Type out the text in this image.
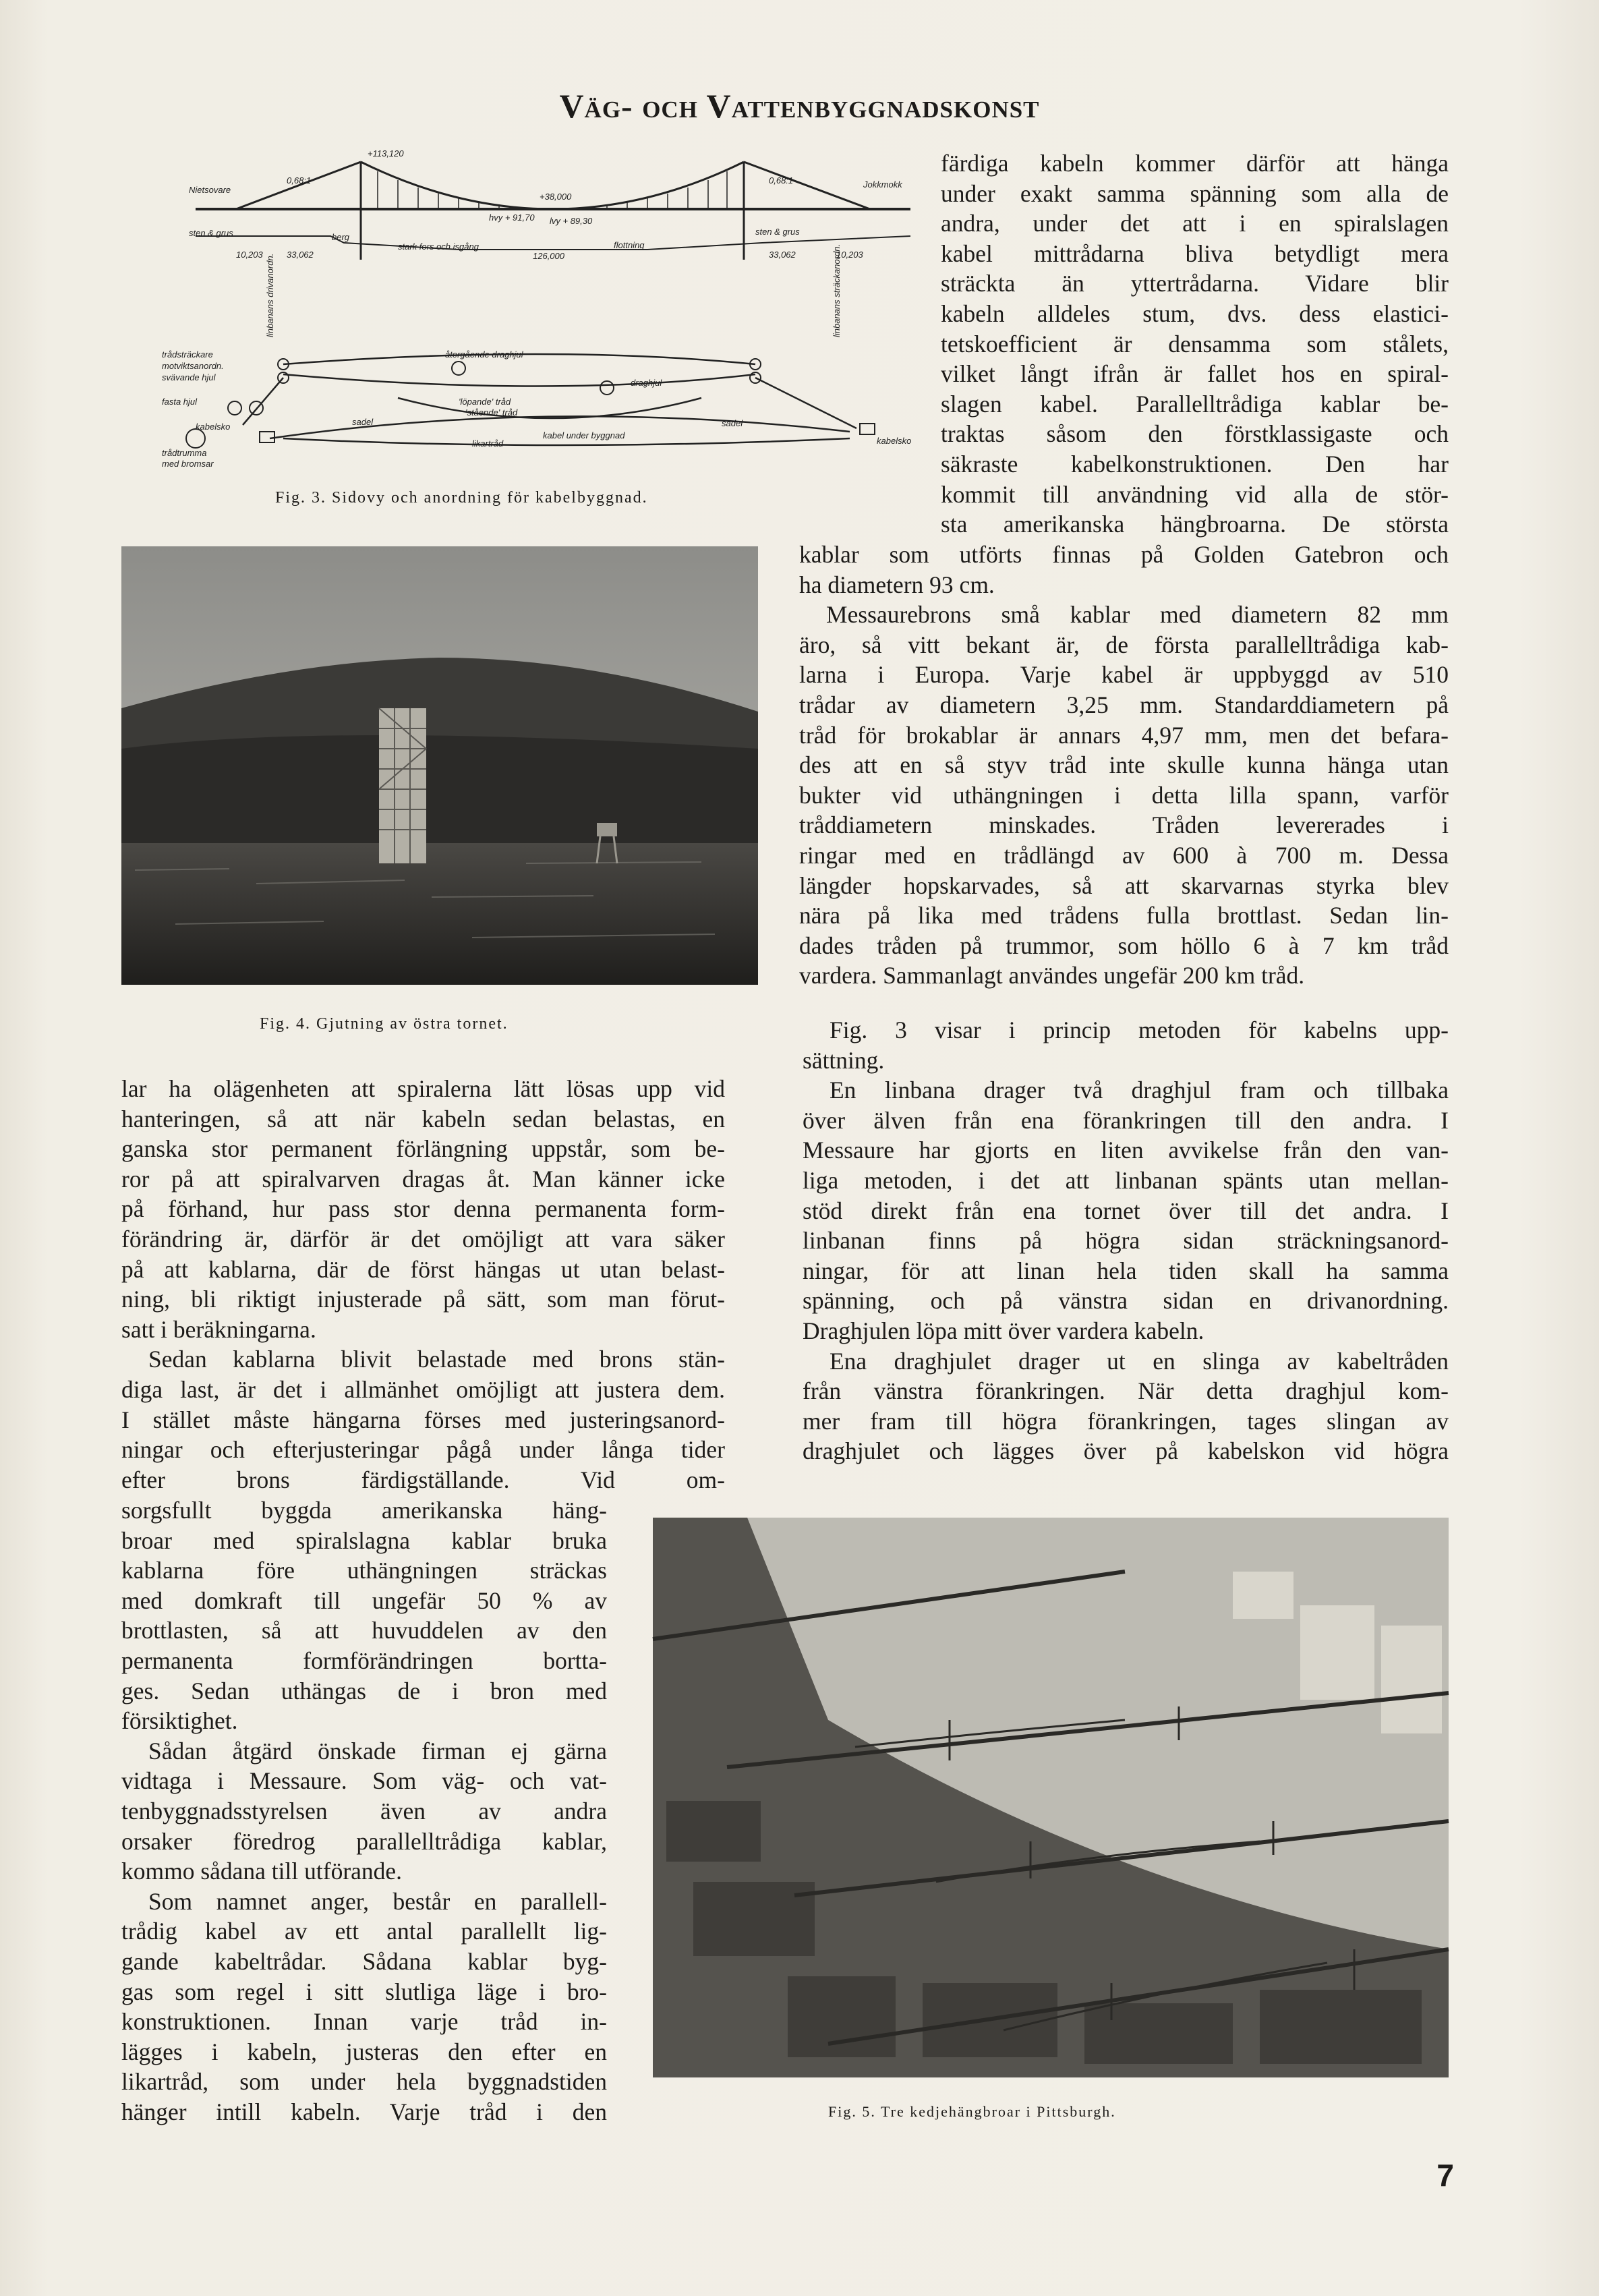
Väg- och Vattenbyggnadskonst
Nietsovare
Jokkmokk
+113,120
0,68:1	0,68:1
+38,000
hvy + 91,70 lvy + 89,30
sten & grus	sten & grus
berg
stark fors och isgång	flottning
126,000
33,062	33,062
10,203	10,203
trådsträckare
motviktsanordn.
svävande hjul
fasta hjul
kabelsko
trådtrumma
med bromsar
linbanans drivanordn.	linbanans sträckanordn.
återgående draghjul
draghjul
'löpande' tråd
'stående' tråd
sadel	sadel
kabel under byggnad
likartråd	kabelsko
Fig. 3. Sidovy och anordning för kabelbyggnad.
Fig. 4. Gjutning av östra tornet.
Fig. 5. Tre kedjehängbroar i Pittsburgh.
färdiga kabeln kommer därför att hänga
under exakt samma spänning som alla de
andra, under det att i en spiralslagen
kabel mittrådarna bliva betydligt mera
sträckta än yttertrådarna. Vidare blir
kabeln alldeles stum, dvs. dess elastici-
tetskoefficient är densamma som stålets,
vilket långt ifrån är fallet hos en spiral-
slagen kabel. Parallelltrådiga kablar be-
traktas såsom den förstklassigaste och
säkraste kabelkonstruktionen. Den har
kommit till användning vid alla de stör-
sta amerikanska hängbroarna. De största
kablar som utförts finnas på Golden Gatebron och
ha diametern 93 cm.
Messaurebrons små kablar med diametern 82 mm
äro, så vitt bekant är, de första parallelltrådiga kab-
larna i Europa. Varje kabel är uppbyggd av 510
trådar av diametern 3,25 mm. Standarddiametern på
tråd för brokablar är annars 4,97 mm, men det befara-
des att en så styv tråd inte skulle kunna hänga utan
bukter vid uthängningen i detta lilla spann, varför
tråddiametern minskades. Tråden levererades i
ringar med en trådlängd av 600 à 700 m. Dessa
längder hopskarvades, så att skarvarnas styrka blev
nära på lika med trådens fulla brottlast. Sedan lin-
dades tråden på trummor, som höllo 6 à 7 km tråd
vardera. Sammanlagt användes ungefär 200 km tråd.
Fig. 3 visar i princip metoden för kabelns upp-
sättning.
En linbana drager två draghjul fram och tillbaka
över älven från ena förankringen till den andra. I
Messaure har gjorts en liten avvikelse från den van-
liga metoden, i det att linbanan spänts utan mellan-
stöd direkt från ena tornet över till det andra. I
linbanan finns på högra sidan sträckningsanord-
ningar, för att linan hela tiden skall ha samma
spänning, och på vänstra sidan en drivanordning.
Draghjulen löpa mitt över vardera kabeln.
Ena draghjulet drager ut en slinga av kabeltråden
från vänstra förankringen. När detta draghjul kom-
mer fram till högra förankringen, tages slingan av
draghjulet och lägges över på kabelskon vid högra
lar ha olägenheten att spiralerna lätt lösas upp vid
hanteringen, så att när kabeln sedan belastas, en
ganska stor permanent förlängning uppstår, som be-
ror på att spiralvarven dragas åt. Man känner icke
på förhand, hur pass stor denna permanenta form-
förändring är, därför är det omöjligt att vara säker
på att kablarna, där de först hängas ut utan belast-
ning, bli riktigt injusterade på sätt, som man förut-
satt i beräkningarna.
Sedan kablarna blivit belastade med brons stän-
diga last, är det i allmänhet omöjligt att justera dem.
I stället måste hängarna förses med justeringsanord-
ningar och efterjusteringar pågå under långa tider
efter brons färdigställande. Vid om-
sorgsfullt byggda amerikanska häng-
broar med spiralslagna kablar bruka
kablarna före uthängningen sträckas
med domkraft till ungefär 50 % av
brottlasten, så att huvuddelen av den
permanenta formförändringen bortta-
ges. Sedan uthängas de i bron med
försiktighet.
Sådan åtgärd önskade firman ej gärna
vidtaga i Messaure. Som väg- och vat-
tenbyggnadsstyrelsen även av andra
orsaker föredrog parallelltrådiga kablar,
kommo sådana till utförande.
Som namnet anger, består en parallell-
trådig kabel av ett antal parallellt lig-
gande kabeltrådar. Sådana kablar byg-
gas som regel i sitt slutliga läge i bro-
konstruktionen. Innan varje tråd in-
lägges i kabeln, justeras den efter en
likartråd, som under hela byggnadstiden
hänger intill kabeln. Varje tråd i den
7
